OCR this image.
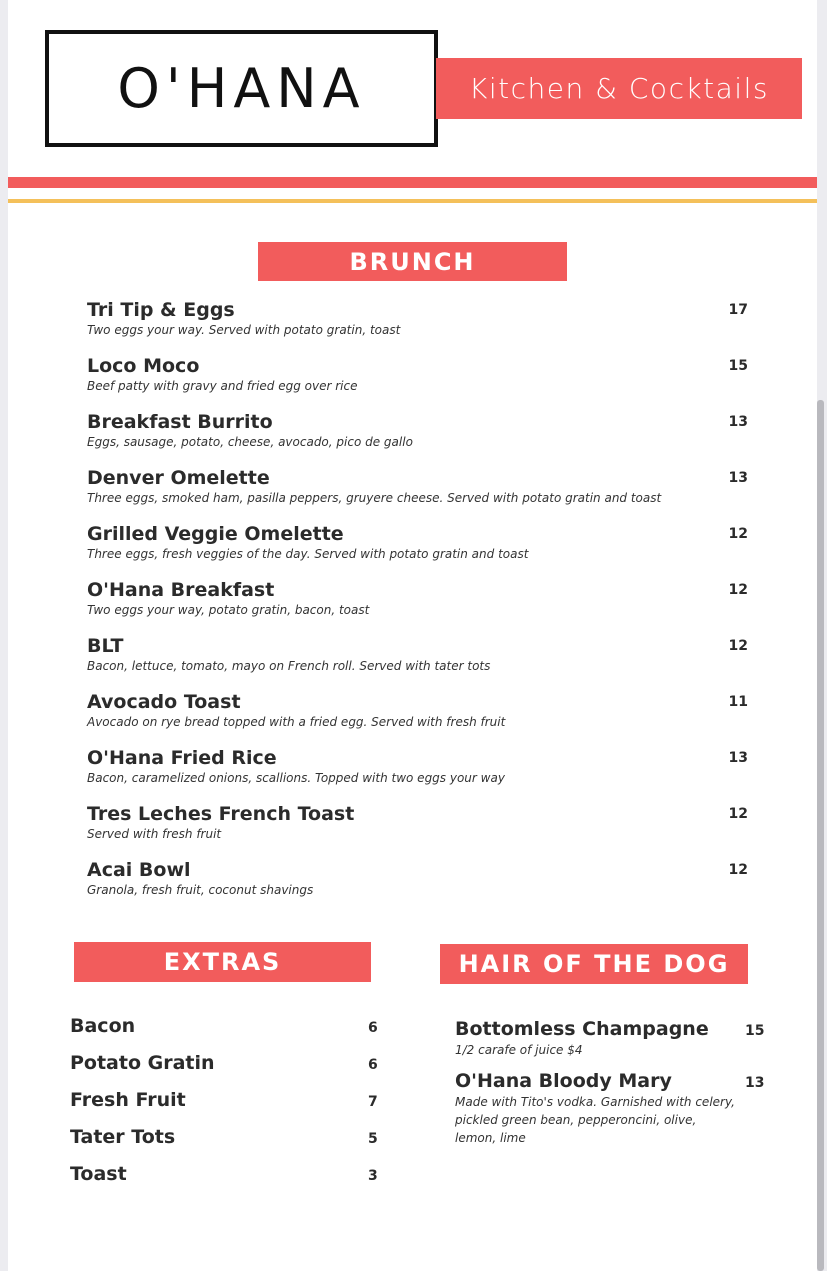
O'HANA	Kitchen & Cocktails
BRUNCH
Tri Tip & Eggs
Two eggs your way. Served with potato gratin, toast
17
Loco Moco
Beef patty with gravy and fried egg over rice
15
Breakfast Burrito
Eggs, sausage, potato, cheese, avocado, pico de gallo
13
Denver Omelette
Three eggs, smoked ham, pasilla peppers, gruyere cheese. Served with potato gratin and toast
13
Grilled Veggie Omelette
Three eggs, fresh veggies of the day. Served with potato gratin and toast
12
O'Hana Breakfast
Two eggs your way, potato gratin, bacon, toast
12
BLT
Bacon, lettuce, tomato, mayo on French roll. Served with tater tots
12
Avocado Toast
Avocado on rye bread topped with a fried egg. Served with fresh fruit
11
O'Hana Fried Rice
Bacon, caramelized onions, scallions. Topped with two eggs your way
13
Tres Leches French Toast
Served with fresh fruit
12
Acai Bowl
Granola, fresh fruit, coconut shavings
12
EXTRAS	HAIR OF THE DOG
Bacon	6
Potato Gratin	6
Fresh Fruit	7
Tater Tots	5
Toast	3
Bottomless Champagne
1/2 carafe of juice $4
15
O'Hana Bloody Mary
Made with Tito's vodka. Garnished with celery, pickled green bean, pepperoncini, olive, lemon, lime
13
